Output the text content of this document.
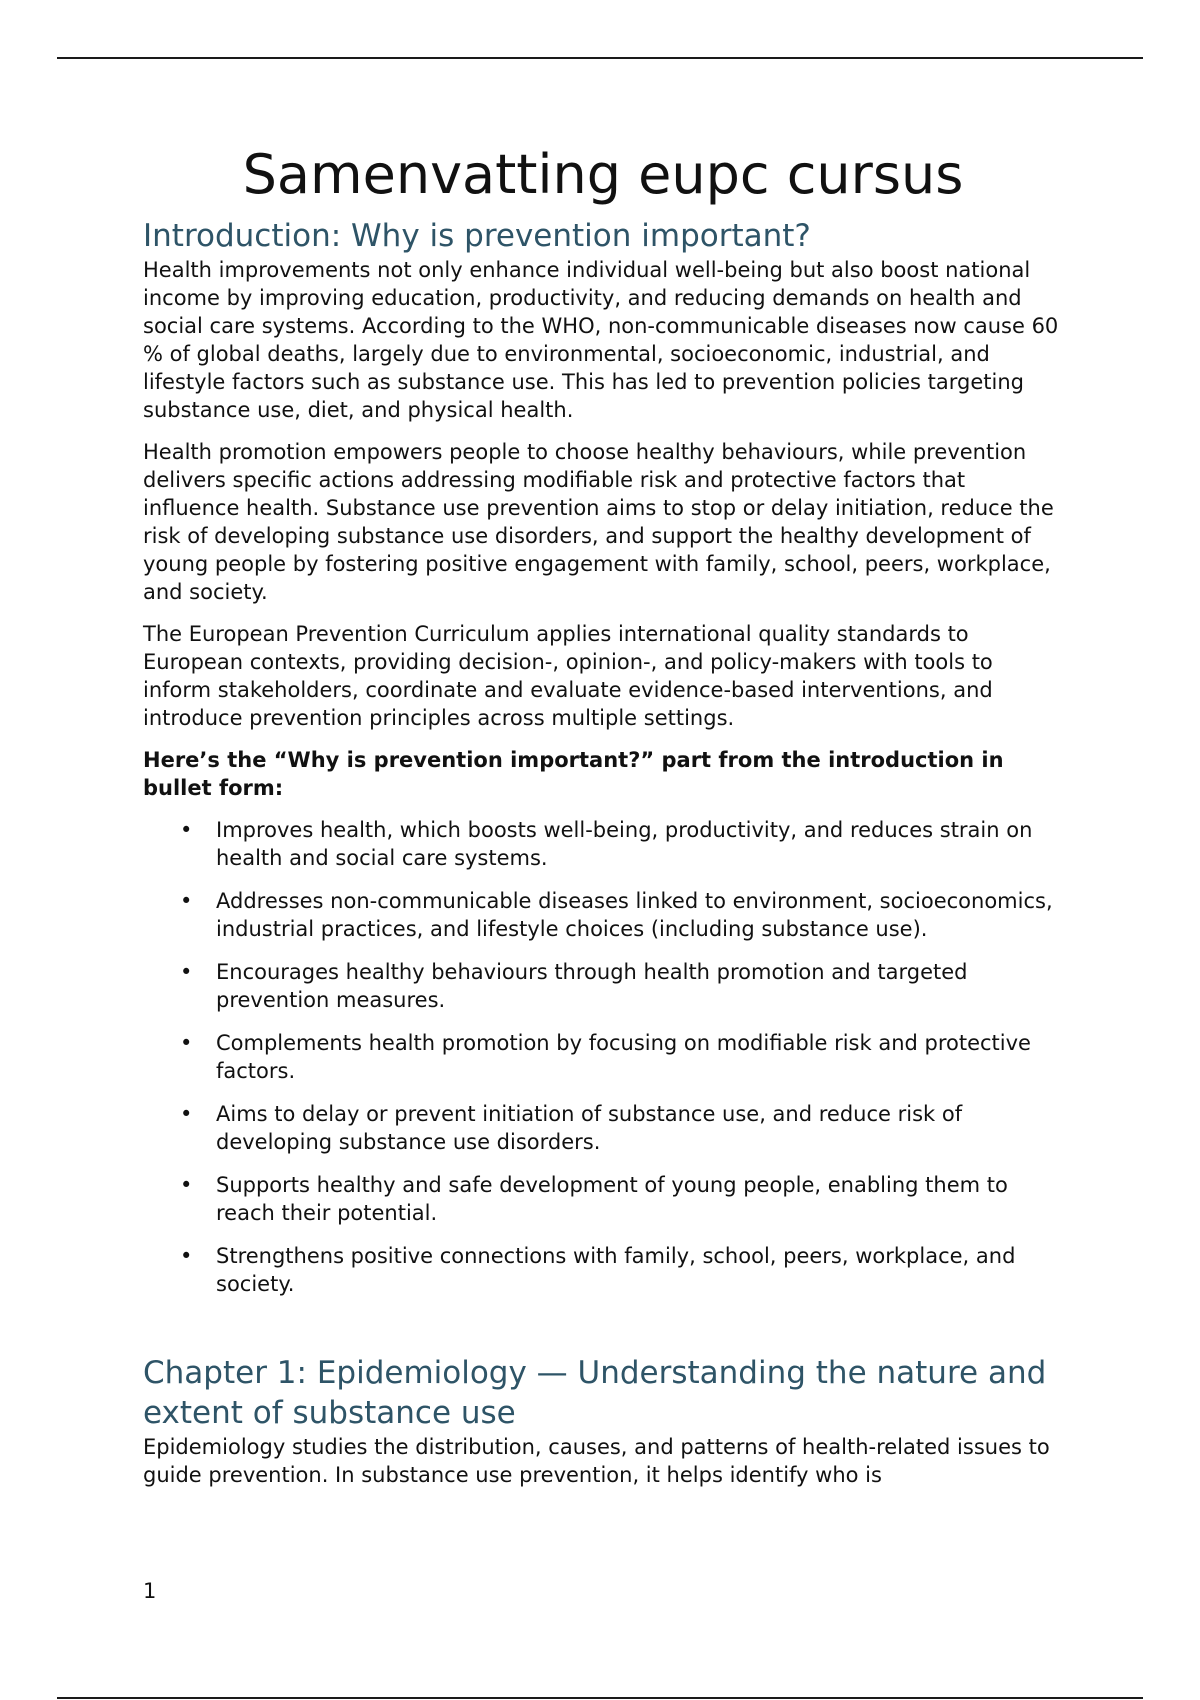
Samenvatting eupc cursus
Introduction: Why is prevention important?

Health improvements not only enhance individual well-being but also boost national income by improving education, productivity, and reducing demands on health and social care systems. According to the WHO, non-communicable diseases now cause 60 % of global deaths, largely due to environmental, socioeconomic, industrial, and lifestyle factors such as substance use. This has led to prevention policies targeting substance use, diet, and physical health.

Health promotion empowers people to choose healthy behaviours, while prevention delivers specific actions addressing modifiable risk and protective factors that influence health. Substance use prevention aims to stop or delay initiation, reduce the risk of developing substance use disorders, and support the healthy development of young people by fostering positive engagement with family, school, peers, workplace, and society.

The European Prevention Curriculum applies international quality standards to European contexts, providing decision-, opinion-, and policy-makers with tools to inform stakeholders, coordinate and evaluate evidence-based interventions, and introduce prevention principles across multiple settings.

Here’s the “Why is prevention important?” part from the introduction in bullet form:

• Improves health, which boosts well-being, productivity, and reduces strain on health and social care systems.
• Addresses non-communicable diseases linked to environment, socioeconomics, industrial practices, and lifestyle choices (including substance use).
• Encourages healthy behaviours through health promotion and targeted prevention measures.
• Complements health promotion by focusing on modifiable risk and protective factors.
• Aims to delay or prevent initiation of substance use, and reduce risk of developing substance use disorders.
• Supports healthy and safe development of young people, enabling them to reach their potential.
• Strengthens positive connections with family, school, peers, workplace, and society.
Chapter 1: Epidemiology — Understanding the nature and extent of substance use

Epidemiology studies the distribution, causes, and patterns of health-related issues to guide prevention. In substance use prevention, it helps identify who is

1
